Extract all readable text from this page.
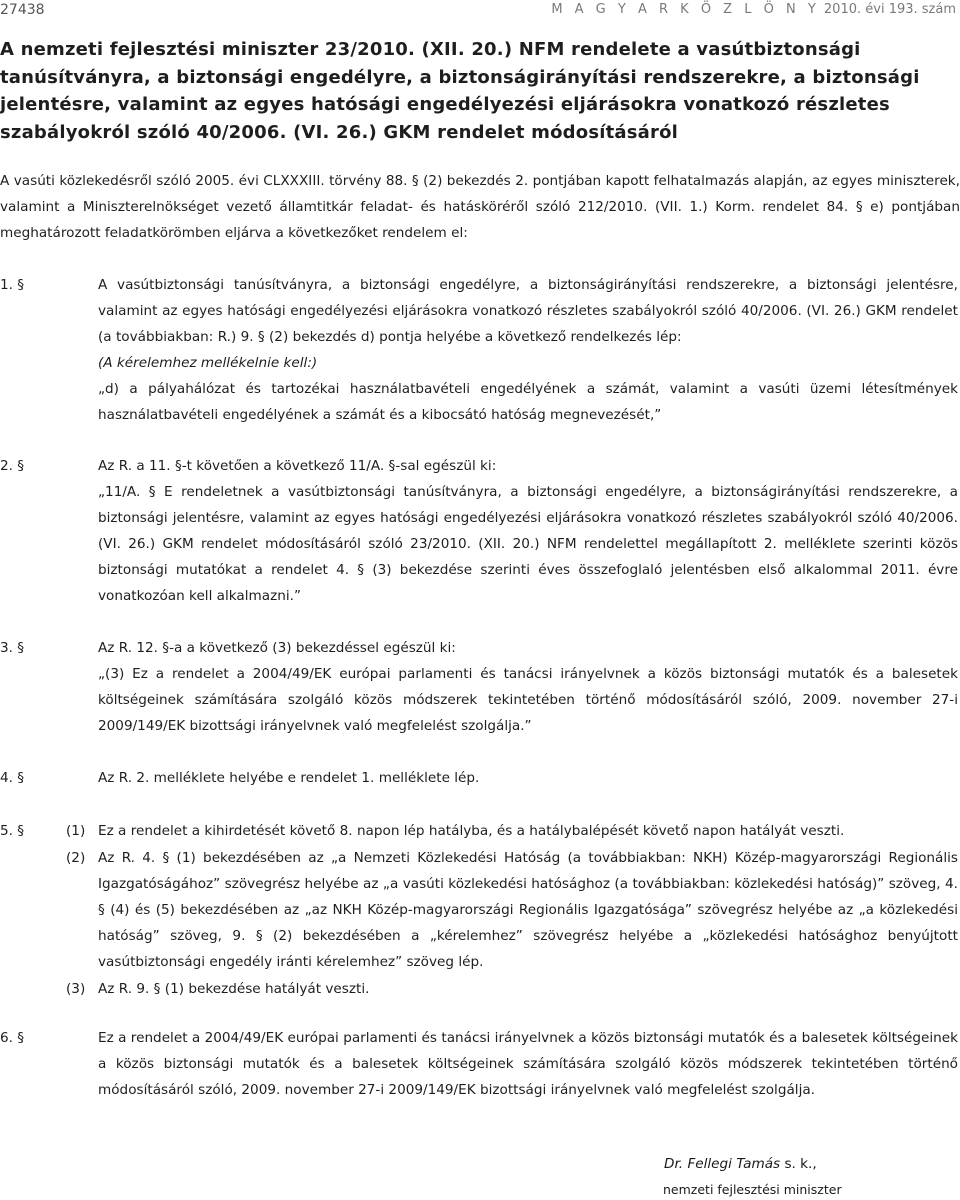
27438	M A G Y A R K Ö Z L Ö N Y 2010. évi 193. szám
A nemzeti fejlesztési miniszter 23/2010. (XII. 20.) NFM rendelete a vasútbiztonsági tanúsítványra, a biztonsági engedélyre, a biztonságirányítási rendszerekre, a biztonsági jelentésre, valamint az egyes hatósági engedélyezési eljárásokra vonatkozó részletes szabályokról szóló 40/2006. (VI. 26.) GKM rendelet módosításáról
A vasúti közlekedésről szóló 2005. évi CLXXXIII. törvény 88. § (2) bekezdés 2. pontjában kapott felhatalmazás alapján, az egyes miniszterek, valamint a Miniszterelnökséget vezető államtitkár feladat- és hatásköréről szóló 212/2010. (VII. 1.) Korm. rendelet 84. § e) pontjában meghatározott feladatkörömben eljárva a következőket rendelem el:
1. §	A vasútbiztonsági tanúsítványra, a biztonsági engedélyre, a biztonságirányítási rendszerekre, a biztonsági jelentésre, valamint az egyes hatósági engedélyezési eljárásokra vonatkozó részletes szabályokról szóló 40/2006. (VI. 26.) GKM rendelet (a továbbiakban: R.) 9. § (2) bekezdés d) pontja helyébe a következő rendelkezés lép:

(A kérelemhez mellékelnie kell:)

„d) a pályahálózat és tartozékai használatbavételi engedélyének a számát, valamint a vasúti üzemi létesítmények használatbavételi engedélyének a számát és a kibocsátó hatóság megnevezését,”

2. §	Az R. a 11. §-t követően a következő 11/A. §-sal egészül ki:

„11/A. § E rendeletnek a vasútbiztonsági tanúsítványra, a biztonsági engedélyre, a biztonságirányítási rendszerekre, a biztonsági jelentésre, valamint az egyes hatósági engedélyezési eljárásokra vonatkozó részletes szabályokról szóló 40/2006. (VI. 26.) GKM rendelet módosításáról szóló 23/2010. (XII. 20.) NFM rendelettel megállapított 2. melléklete szerinti közös biztonsági mutatókat a rendelet 4. § (3) bekezdése szerinti éves összefoglaló jelentésben első alkalommal 2011. évre vonatkozóan kell alkalmazni.”

3. §	Az R. 12. §-a a következő (3) bekezdéssel egészül ki:

„(3) Ez a rendelet a 2004/49/EK európai parlamenti és tanácsi irányelvnek a közös biztonsági mutatók és a balesetek költségeinek számítására szolgáló közös módszerek tekintetében történő módosításáról szóló, 2009. november 27-i 2009/149/EK bizottsági irányelvnek való megfelelést szolgálja.”

4. §	Az R. 2. melléklete helyébe e rendelet 1. melléklete lép.
5. §	(1) Ez a rendelet a kihirdetését követő 8. napon lép hatályba, és a hatálybalépését követő napon hatályát veszti.
(2) Az R. 4. § (1) bekezdésében az „a Nemzeti Közlekedési Hatóság (a továbbiakban: NKH) Közép-magyarországi Regionális Igazgatóságához” szövegrész helyébe az „a vasúti közlekedési hatósághoz (a továbbiakban: közlekedési hatóság)” szöveg, 4. § (4) és (5) bekezdésében az „az NKH Közép-magyarországi Regionális Igazgatósága” szövegrész helyébe az „a közlekedési hatóság” szöveg, 9. § (2) bekezdésében a „kérelemhez” szövegrész helyébe a „közlekedési hatósághoz benyújtott vasútbiztonsági engedély iránti kérelemhez” szöveg lép.
(3) Az R. 9. § (1) bekezdése hatályát veszti.
6. §	Ez a rendelet a 2004/49/EK európai parlamenti és tanácsi irányelvnek a közös biztonsági mutatók és a balesetek költségeinek a közös biztonsági mutatók és a balesetek költségeinek számítására szolgáló közös módszerek tekintetében történő módosításáról szóló, 2009. november 27-i 2009/149/EK bizottsági irányelvnek való megfelelést szolgálja.
Dr. Fellegi Tamás s. k.,
nemzeti fejlesztési miniszter
